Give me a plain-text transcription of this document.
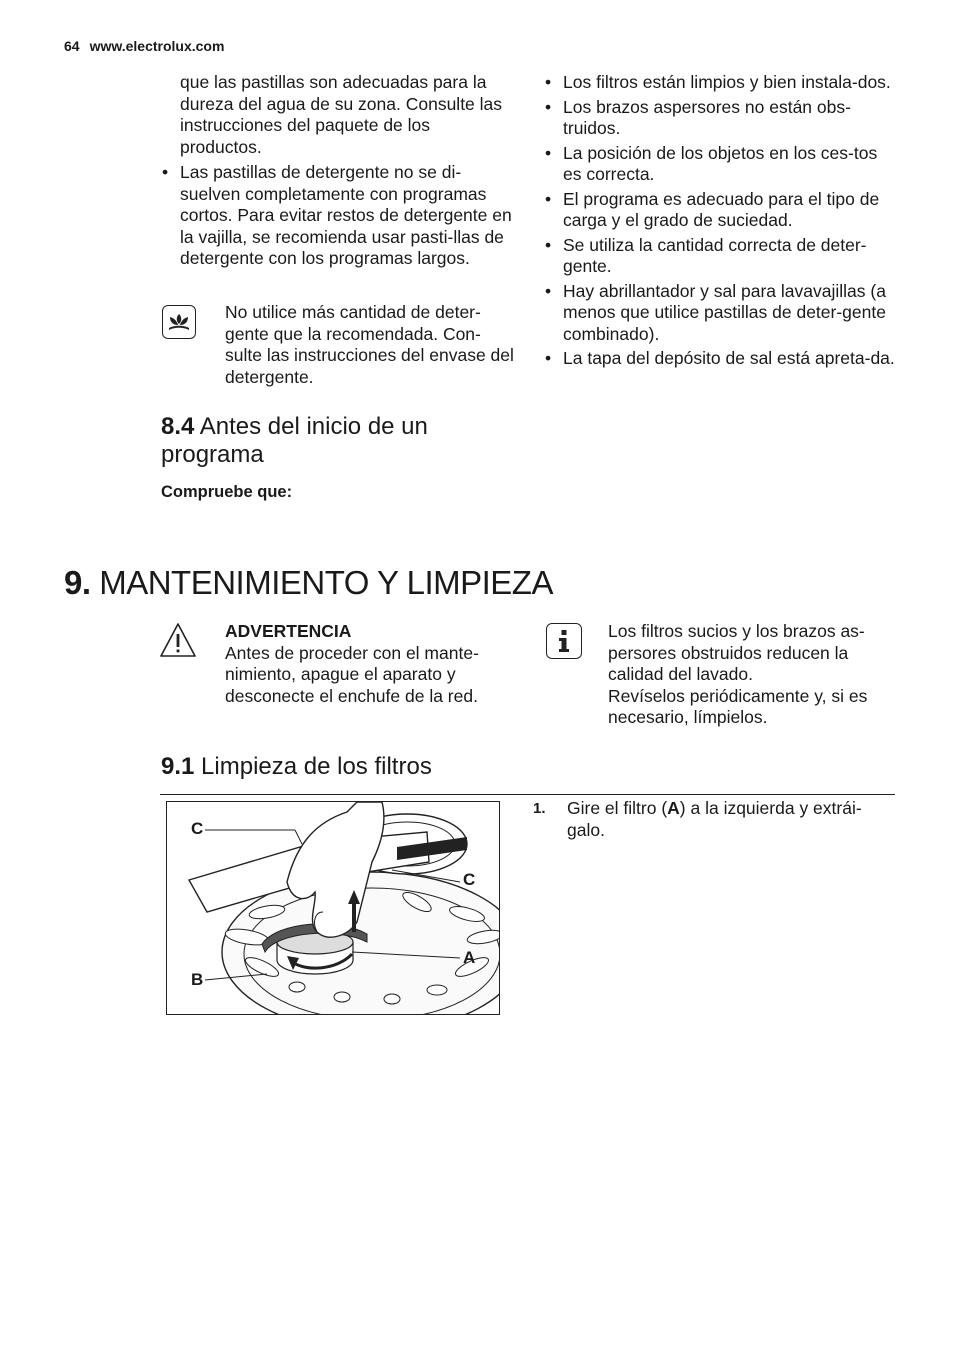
64 www.electrolux.com
que las pastillas son adecuadas para la dureza del agua de su zona. Consulte las instrucciones del paquete de los productos.
• Las pastillas de detergente no se di-suelven completamente con programas cortos. Para evitar restos de detergente en la vajilla, se recomienda usar pasti-llas de detergente con los programas largos.
No utilice más cantidad de deter-gente que la recomendada. Con-sulte las instrucciones del envase del detergente.
8.4 Antes del inicio de un programa
Compruebe que:
• Los filtros están limpios y bien instala-dos.
• Los brazos aspersores no están obs-truidos.
• La posición de los objetos en los ces-tos es correcta.
• El programa es adecuado para el tipo de carga y el grado de suciedad.
• Se utiliza la cantidad correcta de deter-gente.
• Hay abrillantador y sal para lavavajillas (a menos que utilice pastillas de deter-gente combinado).
• La tapa del depósito de sal está apreta-da.
9. MANTENIMIENTO Y LIMPIEZA
ADVERTENCIA
Antes de proceder con el mante-nimiento, apague el aparato y desconecte el enchufe de la red.
Los filtros sucios y los brazos as-persores obstruidos reducen la calidad del lavado.
Revíselos periódicamente y, si es necesario, límpielos.
9.1 Limpieza de los filtros
C
C
A
B
1. Gire el filtro (A) a la izquierda y extrái-galo.
